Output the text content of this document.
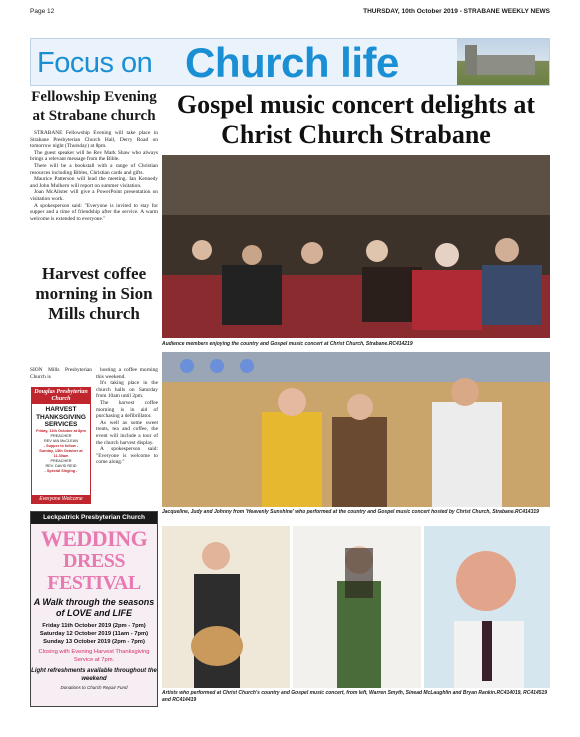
Page 12	THURSDAY, 10th October 2019 - STRABANE WEEKLY NEWS
Focus on Church life
Fellowship Evening at Strabane church

STRABANE Fellowship Evening will take place in Strabane Presbyterian Church Hall, Derry Road on tomorrow night (Thursday) at 8pm.

The guest speaker will be Rev Mark Shaw who always brings a relevant message from the Bible.

There will be a bookstall with a range of Christian resources including Bibles, Christian cards and gifts.

Maurice Patterson will lead the meeting. Ian Kennedy and John Mulhern will report on summer visitation.

Joan McAlister will give a PowerPoint presentation on visitation work.

A spokesperson said: "Everyone is invited to stay for supper and a time of friendship after the service. A warm welcome is extended to everyone."

Harvest coffee morning in Sion Mills church
SION Mills Presbyterian Church is

hosting a coffee morning this weekend.

It's taking place in the church halls on Saturday from 10am until 2pm.

The harvest coffee morning is in aid of purchasing a defibrillator.

As well as some sweet treats, tea and coffee, the event will include a tour of the church harvest display.

A spokesperson said: "Everyone is welcome to come along."

Douglas Presbyterian Church
HARVEST THANKSGIVING SERVICES
Friday, 11th October at 8pm
PREACHER
REV IAN McCLEAN
- Supper to follow -
Sunday, 13th October at 11.30am
PREACHER
REV. DAVID REID
- Special Singing -
Everyone Welcome
Leckpatrick Presbyterian Church
WEDDING
DRESS FESTIVAL
A Walk through the seasons of LOVE and LIFE
Friday 11th October 2019 (2pm - 7pm)
Saturday 12 October 2019 (11am - 7pm)
Sunday 13 October 2019 (2pm - 7pm)
Closing with Evening Harvest Thanksgiving Service at 7pm.
Light refreshments available throughout the weekend
Donations to Church Repair Fund
Gospel music concert delights at Christ Church Strabane
Audience members enjoying the country and Gospel music concert at Christ Church, Strabane.RC414219
Jacqueline, Judy and Johnny from 'Heavenly Sunshine' who performed at the country and Gospel music concert hosted by Christ Church, Strabane.RC414319
Artists who performed at Christ Church's country and Gospel music concert, from left, Warren Smyth, Sinead McLaughlin and Bryan Rankin.RC414019, RC414519 and RC414419
